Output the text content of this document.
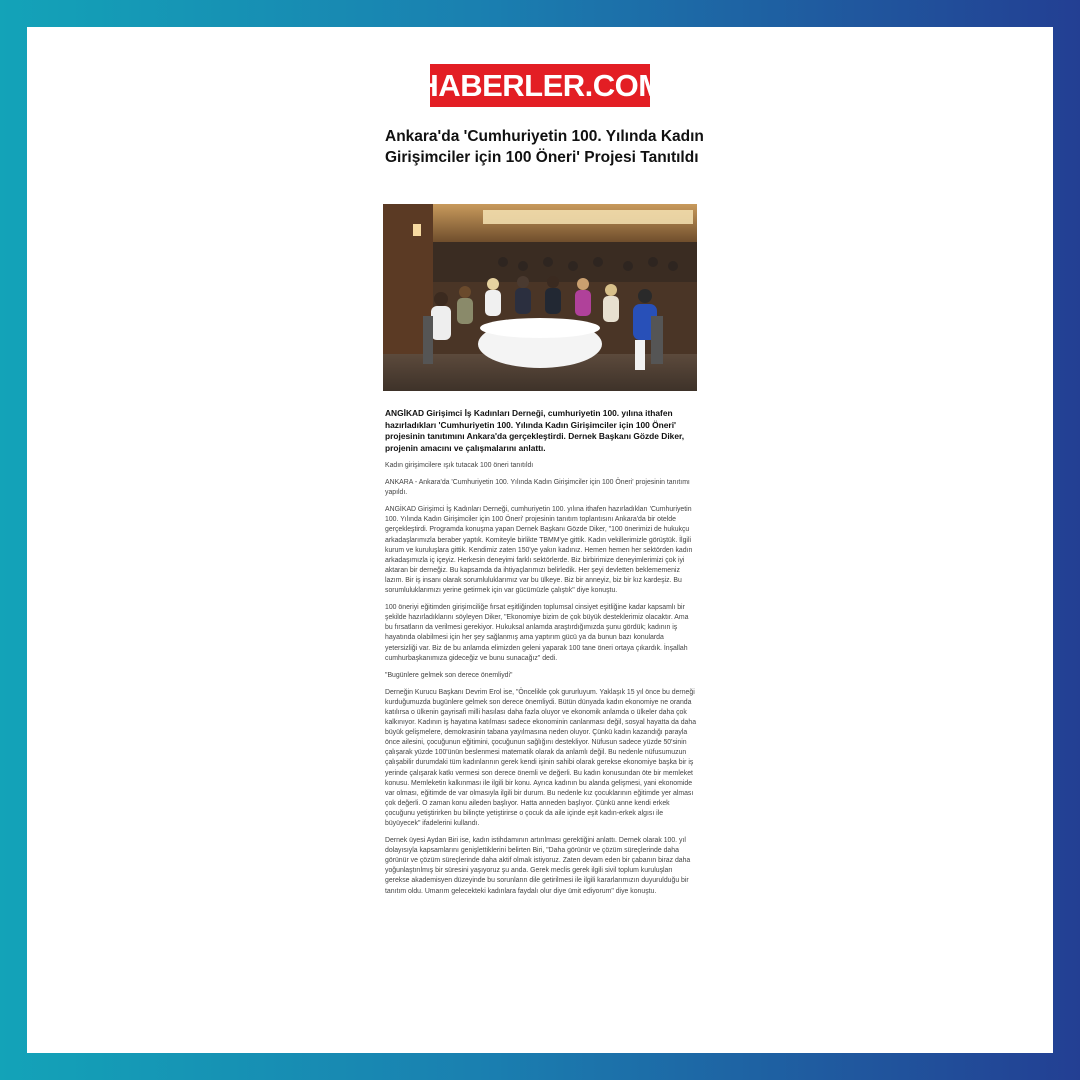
HABERLER.COM
Ankara'da 'Cumhuriyetin 100. Yılında Kadın Girişimciler için 100 Öneri' Projesi Tanıtıldı

ANGİKAD Girişimci İş Kadınları Derneği, cumhuriyetin 100. yılına ithafen hazırladıkları 'Cumhuriyetin 100. Yılında Kadın Girişimciler için 100 Öneri' projesinin tanıtımını Ankara'da gerçekleştirdi. Dernek Başkanı Gözde Diker, projenin amacını ve çalışmalarını anlattı.

Kadın girişimcilere ışık tutacak 100 öneri tanıtıldı

ANKARA - Ankara'da 'Cumhuriyetin 100. Yılında Kadın Girişimciler için 100 Öneri' projesinin tanıtımı yapıldı.

ANGİKAD Girişimci İş Kadınları Derneği, cumhuriyetin 100. yılına ithafen hazırladıkları 'Cumhuriyetin 100. Yılında Kadın Girişimciler için 100 Öneri' projesinin tanıtım toplantısını Ankara'da bir otelde gerçekleştirdi. Programda konuşma yapan Dernek Başkanı Gözde Diker, "100 önerimizi de hukukçu arkadaşlarımızla beraber yaptık. Komiteyle birlikte TBMM'ye gittik. Kadın vekillerimizle görüştük. İlgili kurum ve kuruluşlara gittik. Kendimiz zaten 150'ye yakın kadınız. Hemen hemen her sektörden kadın arkadaşımızla iç içeyiz. Herkesin deneyimi farklı sektörlerde. Biz birbirimize deneyimlerimizi çok iyi aktaran bir derneğiz. Bu kapsamda da ihtiyaçlarımızı belirledik. Her şeyi devletten beklememeniz lazım. Bir iş insanı olarak sorumluluklarımız var bu ülkeye. Biz bir anneyiz, biz bir kız kardeşiz. Bu sorumluluklarımızı yerine getirmek için var gücümüzle çalıştık" diye konuştu.

100 öneriyi eğitimden girişimciliğe fırsat eşitliğinden toplumsal cinsiyet eşitliğine kadar kapsamlı bir şekilde hazırladıklarını söyleyen Diker, "Ekonomiye bizim de çok büyük desteklerimiz olacaktır. Ama bu fırsatların da verilmesi gerekiyor. Hukuksal anlamda araştırdığımızda şunu gördük; kadının iş hayatında olabilmesi için her şey sağlanmış ama yaptırım gücü ya da bunun bazı konularda yetersizliği var. Biz de bu anlamda elimizden geleni yaparak 100 tane öneri ortaya çıkardık. İnşallah cumhurbaşkanımıza gideceğiz ve bunu sunacağız" dedi.

"Bugünlere gelmek son derece önemliydi"

Derneğin Kurucu Başkanı Devrim Erol ise, "Öncelikle çok gururluyum. Yaklaşık 15 yıl önce bu derneği kurduğumuzda bugünlere gelmek son derece önemliydi. Bütün dünyada kadın ekonomiye ne oranda katılırsa o ülkenin gayrisafi milli hasılası daha fazla oluyor ve ekonomik anlamda o ülkeler daha çok kalkınıyor. Kadının iş hayatına katılması sadece ekonominin canlanması değil, sosyal hayatta da daha büyük gelişmelere, demokrasinin tabana yayılmasına neden oluyor. Çünkü kadın kazandığı parayla önce ailesini, çocuğunun eğitimini, çocuğunun sağlığını destekliyor. Nüfusun sadece yüzde 50'sinin çalışarak yüzde 100'ünün beslenmesi matematik olarak da anlamlı değil. Bu nedenle nüfusumuzun çalışabilir durumdaki tüm kadınlarının gerek kendi işinin sahibi olarak gerekse ekonomiye başka bir iş yerinde çalışarak katkı vermesi son derece önemli ve değerli. Bu kadın konusundan öte bir memleket konusu. Memleketin kalkınması ile ilgili bir konu. Ayrıca kadının bu alanda gelişmesi, yani ekonomide var olması, eğitimde de var olmasıyla ilgili bir durum. Bu nedenle kız çocuklarının eğitimde yer alması çok değerli. O zaman konu aileden başlıyor. Hatta anneden başlıyor. Çünkü anne kendi erkek çocuğunu yetiştirirken bu bilinçte yetiştirirse o çocuk da aile içinde eşit kadın-erkek algısı ile büyüyecek" ifadelerini kullandı.

Dernek üyesi Aydan Biri ise, kadın istihdamının artırılması gerektiğini anlattı. Dernek olarak 100. yıl dolayısıyla kapsamlarını genişlettiklerini belirten Biri, "Daha görünür ve çözüm süreçlerinde daha görünür ve çözüm süreçlerinde daha aktif olmak istiyoruz. Zaten devam eden bir çabanın biraz daha yoğunlaştırılmış bir süresini yaşıyoruz şu anda. Gerek meclis gerek ilgili sivil toplum kuruluşları gerekse akademisyen düzeyinde bu sorunların dile getirilmesi ile ilgili kararlarımızın duyurulduğu bir tanıtım oldu. Umarım gelecekteki kadınlara faydalı olur diye ümit ediyorum" diye konuştu.
